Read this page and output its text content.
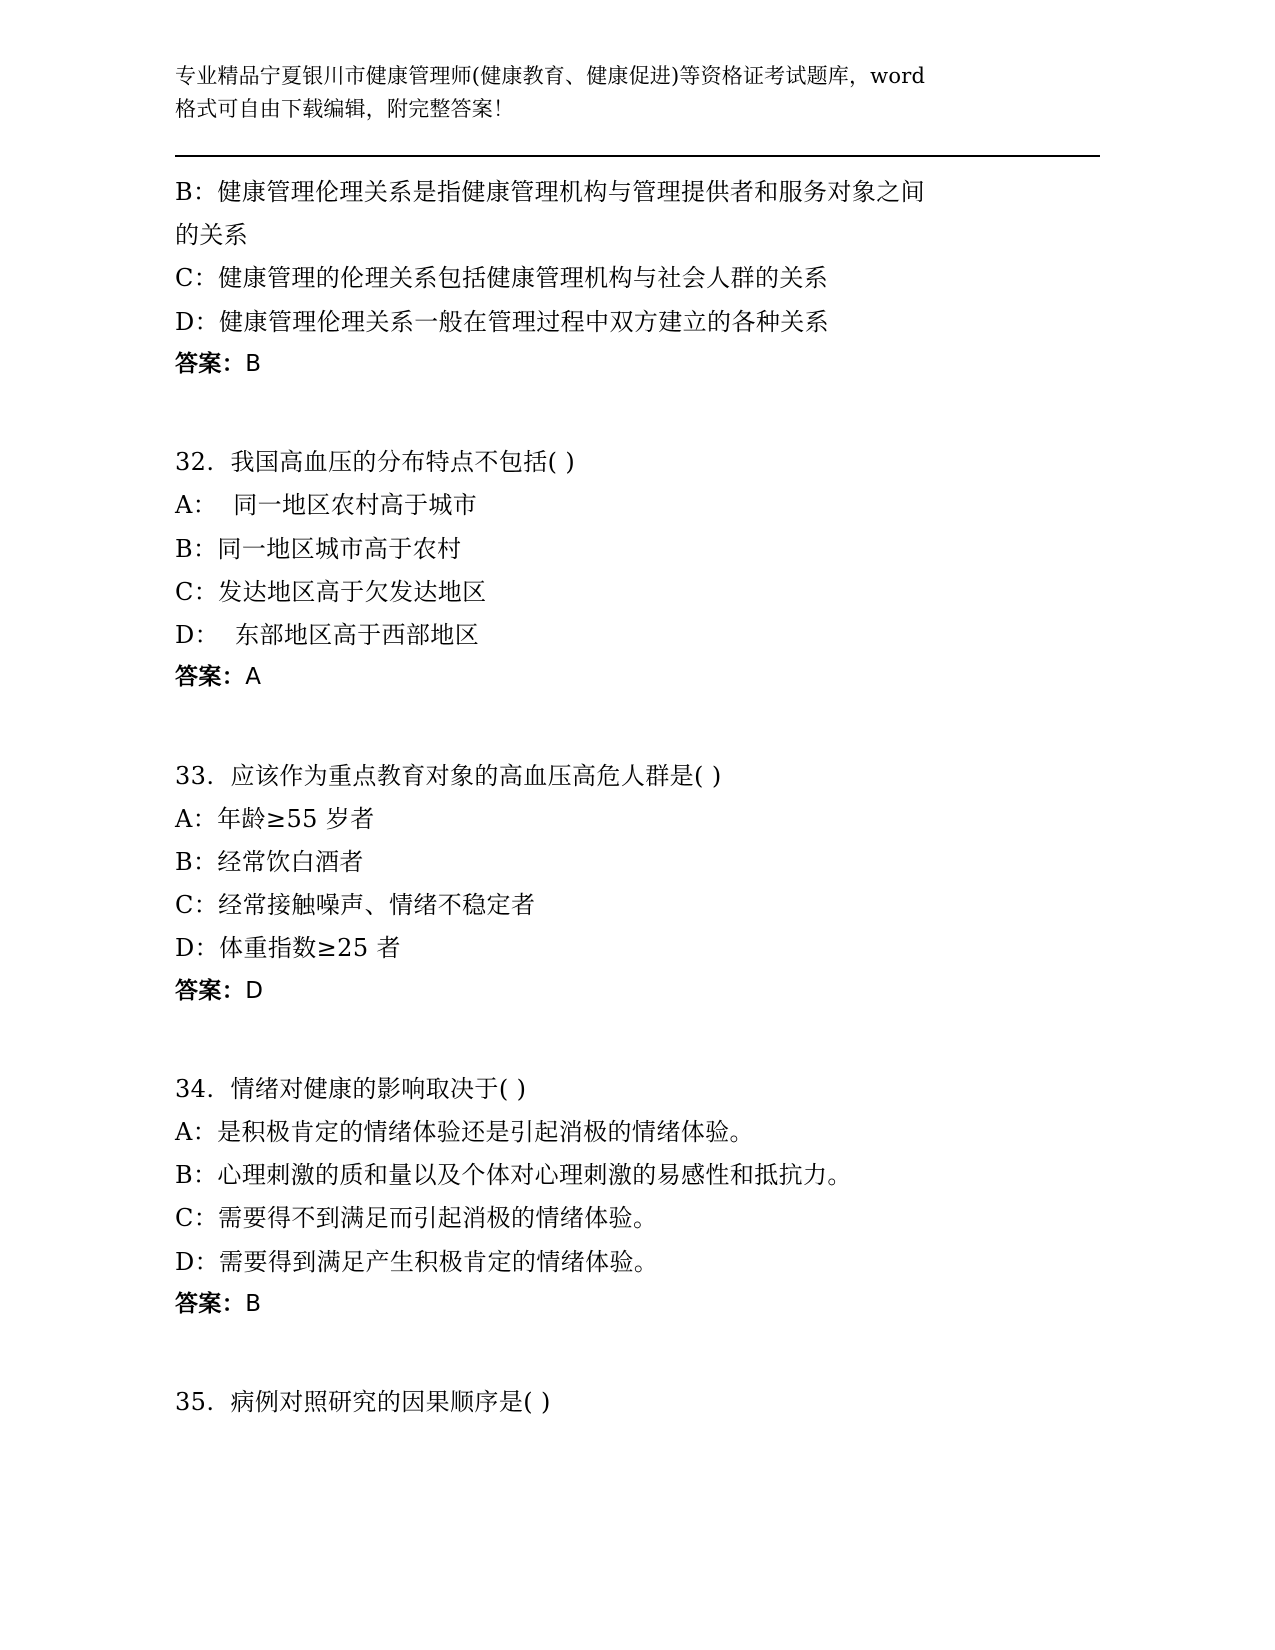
专业精品宁夏银川市健康管理师(健康教育、健康促进)等资格证考试题库，word
格式可自由下载编辑，附完整答案！
B：健康管理伦理关系是指健康管理机构与管理提供者和服务对象之间
的关系
C：健康管理的伦理关系包括健康管理机构与社会人群的关系
D：健康管理伦理关系一般在管理过程中双方建立的各种关系
答案：B
32. 我国高血压的分布特点不包括( )
A：  同一地区农村高于城市
B：同一地区城市高于农村
C：发达地区高于欠发达地区
D：  东部地区高于西部地区
答案：A
33. 应该作为重点教育对象的高血压高危人群是( )
A：年龄≥55 岁者
B：经常饮白酒者
C：经常接触噪声、情绪不稳定者
D：体重指数≥25 者
答案：D
34. 情绪对健康的影响取决于( )
A：是积极肯定的情绪体验还是引起消极的情绪体验。
B：心理刺激的质和量以及个体对心理刺激的易感性和抵抗力。
C：需要得不到满足而引起消极的情绪体验。
D：需要得到满足产生积极肯定的情绪体验。
答案：B
35. 病例对照研究的因果顺序是( )
